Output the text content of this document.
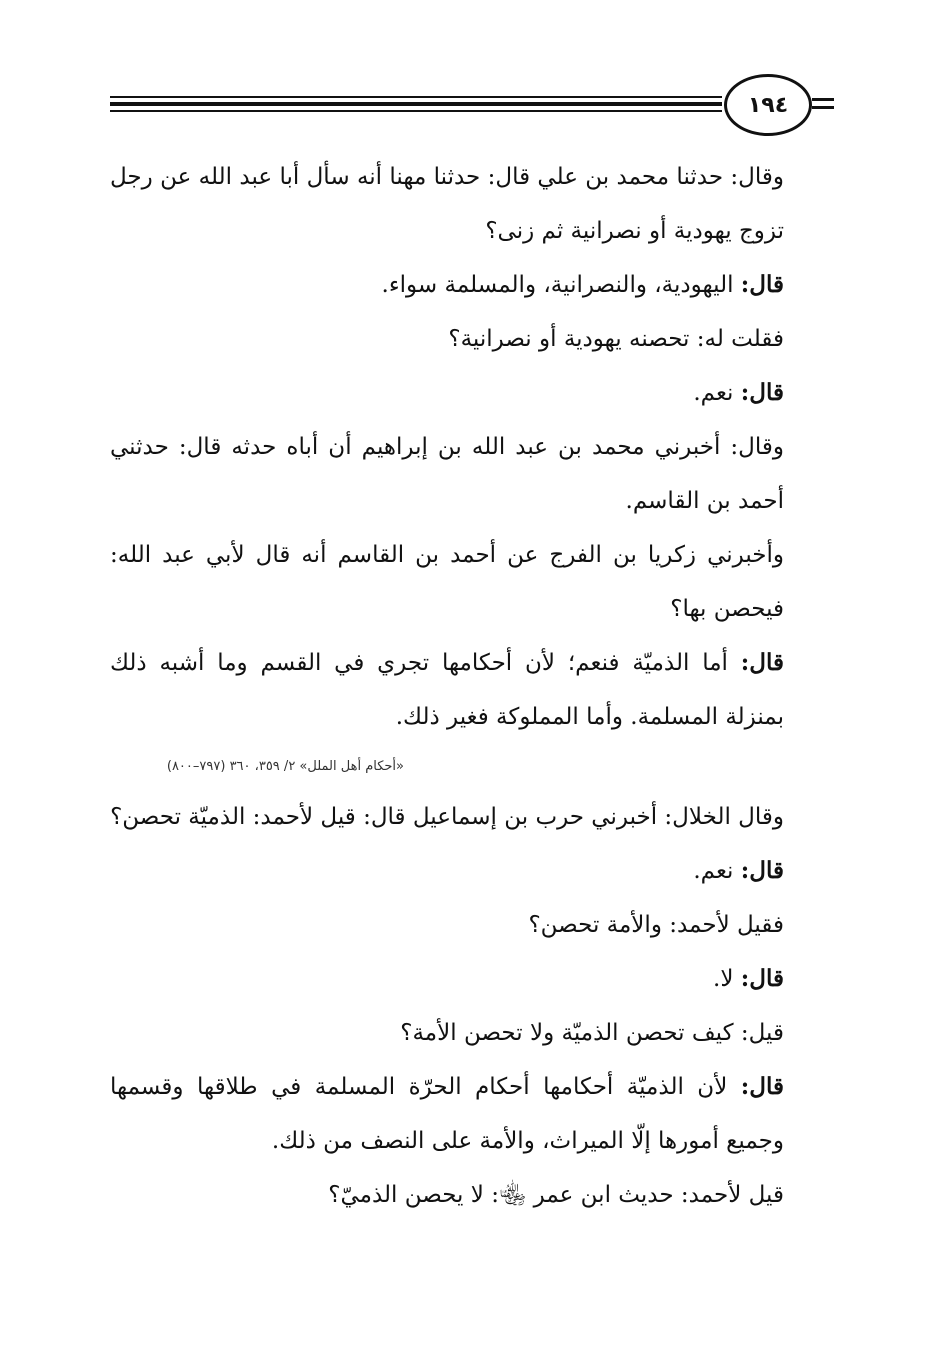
١٩٤

وقال: حدثنا محمد بن علي قال: حدثنا مهنا أنه سأل أبا عبد الله عن رجل تزوج يهودية أو نصرانية ثم زنى؟

قال: اليهودية، والنصرانية، والمسلمة سواء.

فقلت له: تحصنه يهودية أو نصرانية؟

قال: نعم.

وقال: أخبرني محمد بن عبد الله بن إبراهيم أن أباه حدثه قال: حدثني أحمد بن القاسم.

وأخبرني زكريا بن الفرج عن أحمد بن القاسم أنه قال لأبي عبد الله: فيحصن بها؟

قال: أما الذميّة فنعم؛ لأن أحكامها تجري في القسم وما أشبه ذلك بمنزلة المسلمة. وأما المملوكة فغير ذلك.

«أحكام أهل الملل» ٢/ ٣٥٩، ٣٦٠ (٧٩٧–٨٠٠)

وقال الخلال: أخبرني حرب بن إسماعيل قال: قيل لأحمد: الذميّة تحصن؟

قال: نعم.

فقيل لأحمد: والأمة تحصن؟

قال: لا.

قيل: كيف تحصن الذميّة ولا تحصن الأمة؟

قال: لأن الذميّة أحكامها أحكام الحرّة المسلمة في طلاقها وقسمها وجميع أمورها إلّا الميراث، والأمة على النصف من ذلك.

قيل لأحمد: حديث ابن عمر ﵄: لا يحصن الذميّ؟
